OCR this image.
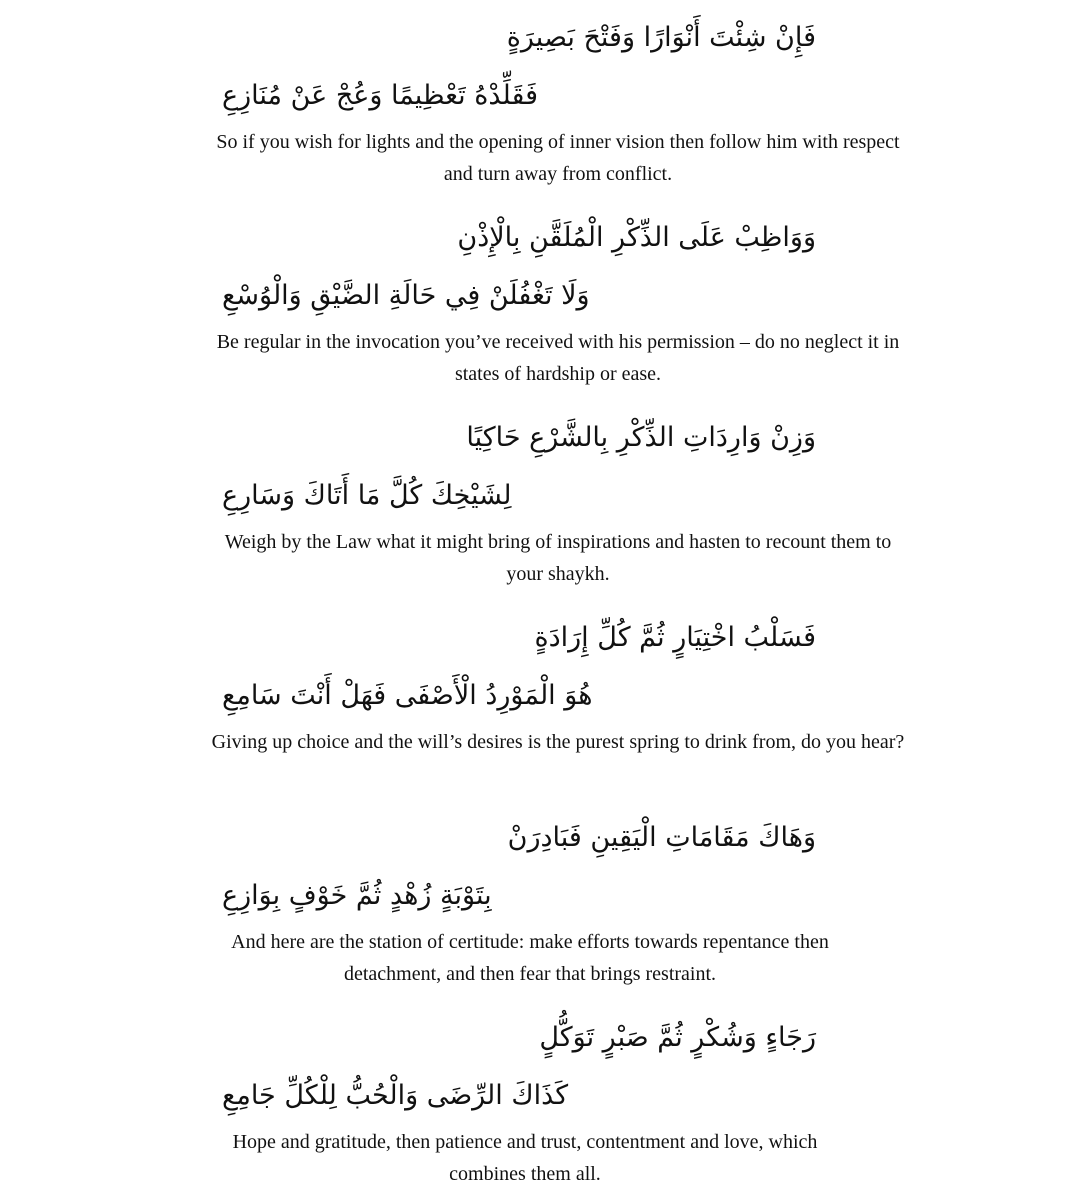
فَإِنْ شِئْتَ أَنْوَارًا وَفَتْحَ بَصِيرَةٍ
فَقَلِّدْهُ تَعْظِيمًا وَعُجْ عَنْ مُنَازِعِ
So if you wish for lights and the opening of inner vision then follow him with respect and turn away from conflict.
وَوَاظِبْ عَلَى الذِّكْرِ الْمُلَقَّنِ بِالْإِذْنِ
وَلَا تَغْفُلَنْ فِي حَالَةِ الضَّيْقِ وَالْوُسْعِ
Be regular in the invocation you’ve received with his permission – do no neglect it in states of hardship or ease.
وَزِنْ وَارِدَاتِ الذِّكْرِ بِالشَّرْعِ حَاكِيًا
لِشَيْخِكَ كُلَّ مَا أَتَاكَ وَسَارِعِ
Weigh by the Law what it might bring of inspirations and hasten to recount them to your shaykh.
فَسَلْبُ اخْتِيَارٍ ثُمَّ كُلِّ إِرَادَةٍ
هُوَ الْمَوْرِدُ الْأَصْفَى فَهَلْ أَنْتَ سَامِعِ
Giving up choice and the will’s desires is the purest spring to drink from, do you hear?
وَهَاكَ مَقَامَاتِ الْيَقِينِ فَبَادِرَنْ
بِتَوْبَةٍ زُهْدٍ ثُمَّ خَوْفٍ بِوَازِعِ
And here are the station of certitude: make efforts towards repentance then detachment, and then fear that brings restraint.
رَجَاءٍ وَشُكْرٍ ثُمَّ صَبْرٍ تَوَكُّلٍ
كَذَاكَ الرِّضَى وَالْحُبُّ لِلْكُلِّ جَامِعِ
Hope and gratitude, then patience and trust, contentment and love, which combines them all.
